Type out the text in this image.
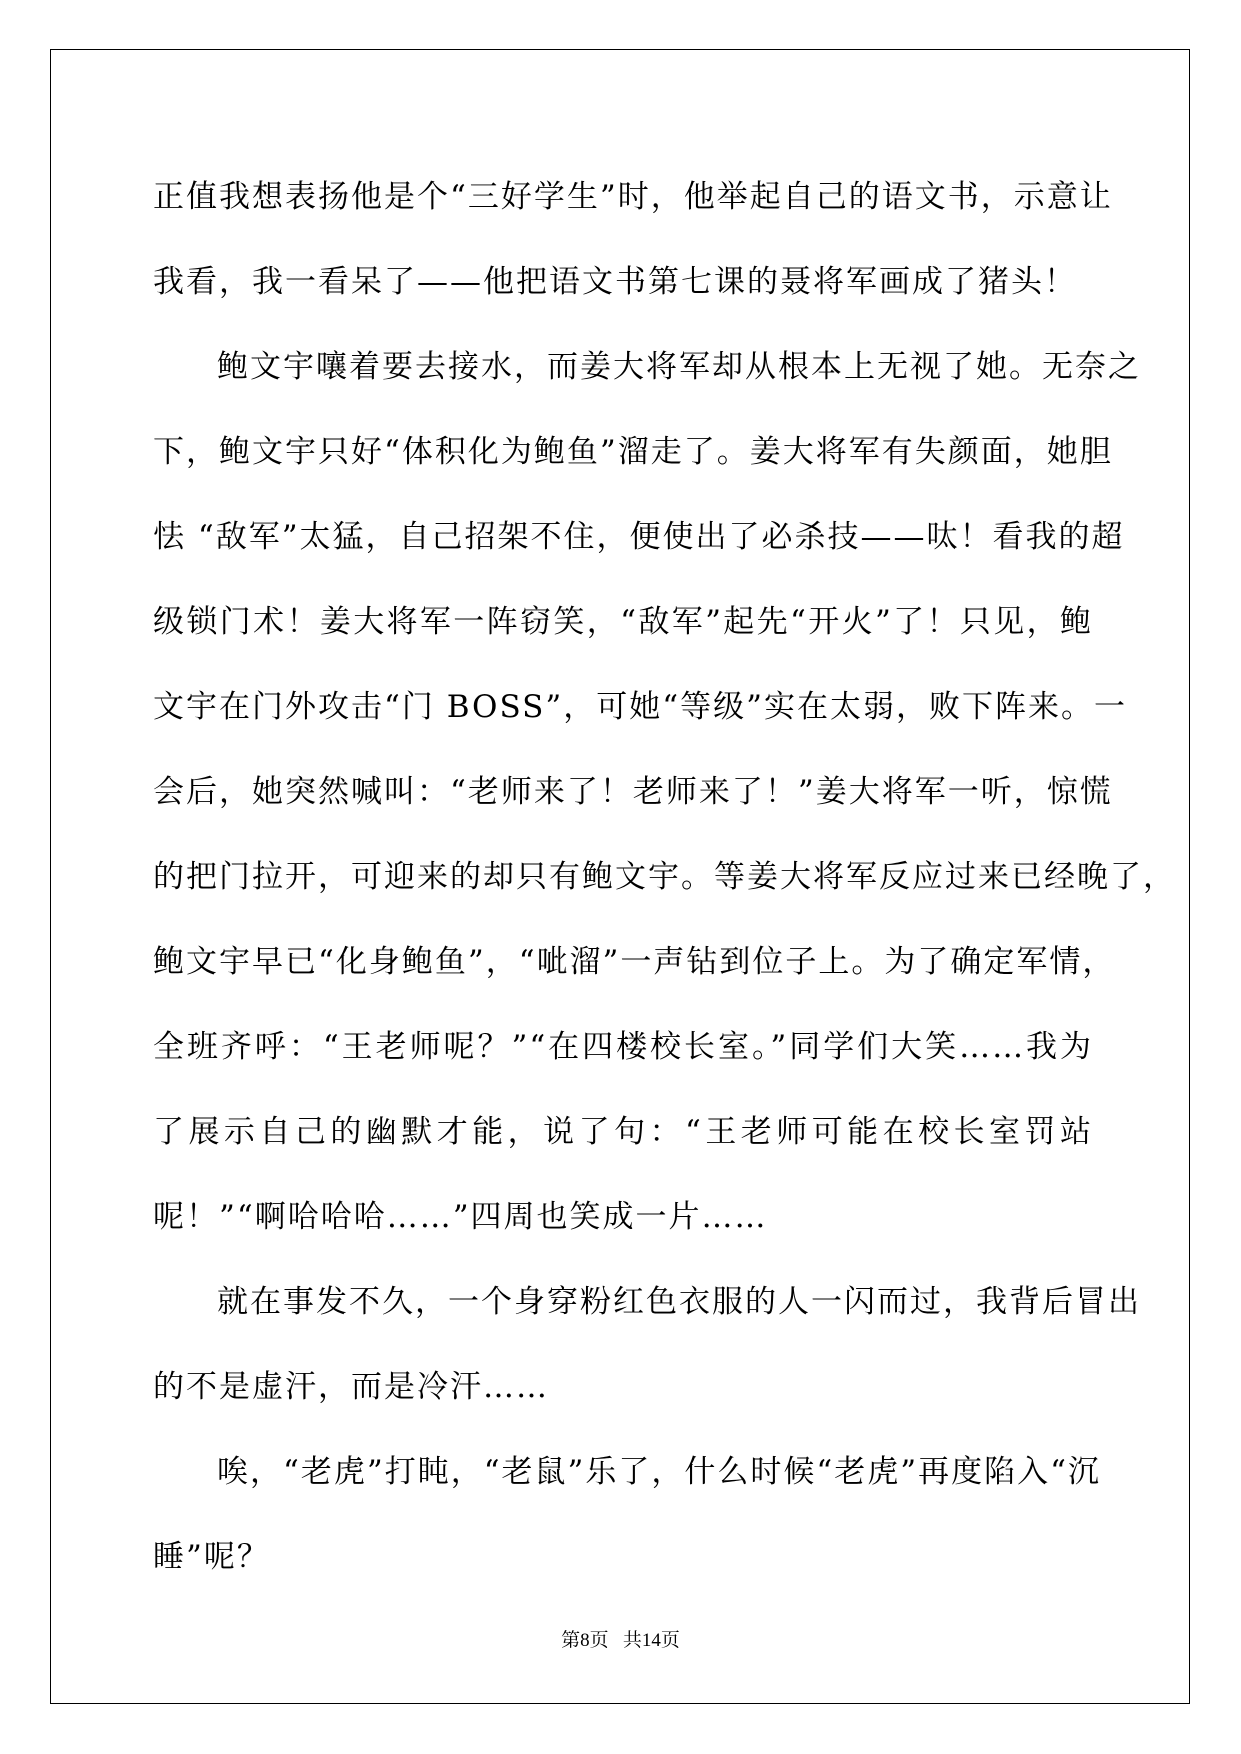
正值我想表扬他是个“三好学生”时，他举起自己的语文书，示意让
我看，我一看呆了——他把语文书第七课的聂将军画成了猪头！
鲍文宇嚷着要去接水，而姜大将军却从根本上无视了她。无奈之
下，鲍文宇只好“体积化为鲍鱼”溜走了。姜大将军有失颜面，她胆
怯 “敌军”太猛，自己招架不住，便使出了必杀技——呔！看我的超
级锁门术！姜大将军一阵窃笑，“敌军”起先“开火”了！只见，鲍
文宇在门外攻击“门 BOSS”，可她“等级”实在太弱，败下阵来。一
会后，她突然喊叫：“老师来了！老师来了！”姜大将军一听，惊慌
的把门拉开，可迎来的却只有鲍文宇。等姜大将军反应过来已经晚了，
鲍文宇早已“化身鲍鱼”，“呲溜”一声钻到位子上。为了确定军情，
全班齐呼：“王老师呢？”“在四楼校长室。”同学们大笑……我为
了展示自己的幽默才能，说了句：“王老师可能在校长室罚站
呢！”“啊哈哈哈……”四周也笑成一片……
就在事发不久，一个身穿粉红色衣服的人一闪而过，我背后冒出
的不是虚汗，而是冷汗……
唉，“老虎”打盹，“老鼠”乐了，什么时候“老虎”再度陷入“沉
睡”呢？
第8页 共14页
